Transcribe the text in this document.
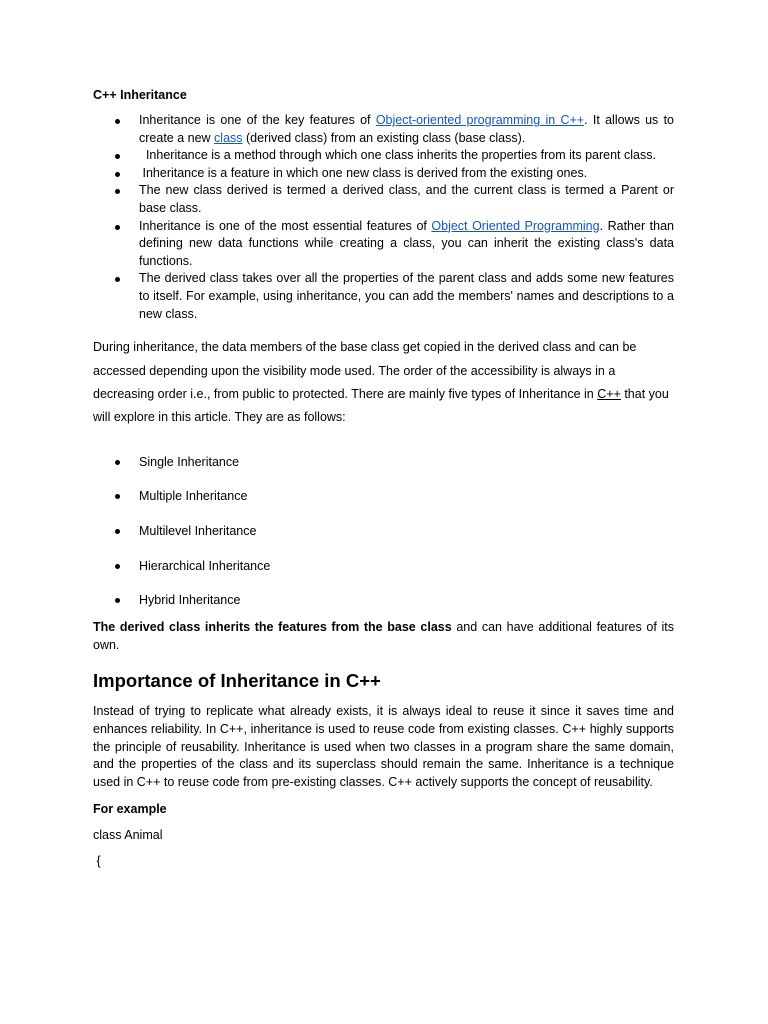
C++ Inheritance

Inheritance is one of the key features of Object-oriented programming in C++. It allows us to create a new class (derived class) from an existing class (base class).
Inheritance is a method through which one class inherits the properties from its parent class.
Inheritance is a feature in which one new class is derived from the existing ones.
The new class derived is termed a derived class, and the current class is termed a Parent or base class.
Inheritance is one of the most essential features of Object Oriented Programming. Rather than defining new data functions while creating a class, you can inherit the existing class's data functions.
The derived class takes over all the properties of the parent class and adds some new features to itself. For example, using inheritance, you can add the members' names and descriptions to a new class.

During inheritance, the data members of the base class get copied in the derived class and can be accessed depending upon the visibility mode used. The order of the accessibility is always in a decreasing order i.e., from public to protected. There are mainly five types of Inheritance in C++ that you will explore in this article. They are as follows:

Single Inheritance
Multiple Inheritance
Multilevel Inheritance
Hierarchical Inheritance
Hybrid Inheritance

The derived class inherits the features from the base class and can have additional features of its own.

Importance of Inheritance in C++

Instead of trying to replicate what already exists, it is always ideal to reuse it since it saves time and enhances reliability. In C++, inheritance is used to reuse code from existing classes. C++ highly supports the principle of reusability. Inheritance is used when two classes in a program share the same domain, and the properties of the class and its superclass should remain the same. Inheritance is a technique used in C++ to reuse code from pre-existing classes. C++ actively supports the concept of reusability.

For example

class Animal

{
